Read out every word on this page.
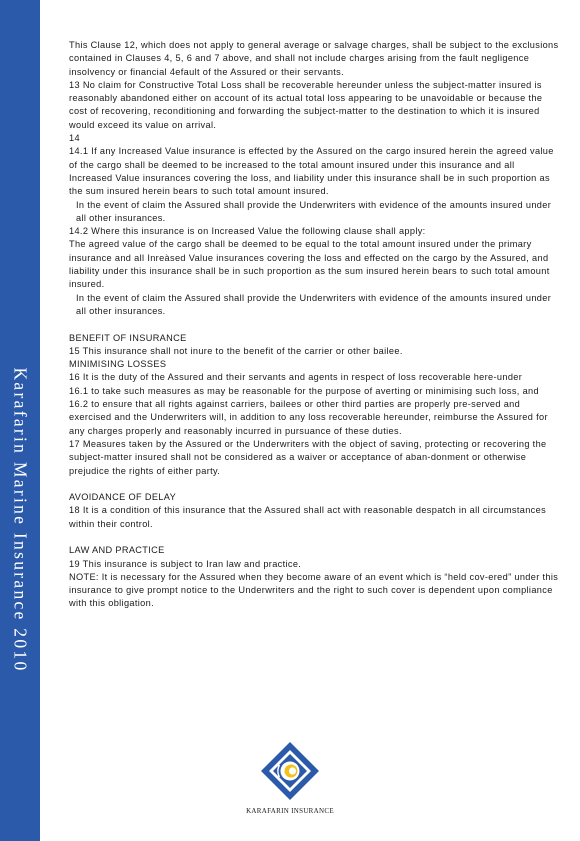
Karafarin Marine Insurance 2010

This Clause 12, which does not apply to general average or salvage charges, shall be subject to the exclusions contained in Clauses 4, 5, 6 and 7 above, and shall not include charges arising from the fault negligence insolvency or financial 4efault of the Assured or their servants.

13 No claim for Constructive Total Loss shall be recoverable hereunder unless the subject-matter insured is reasonably abandoned either on account of its actual total loss appearing to be unavoidable or because the cost of recovering, reconditioning and forwarding the subject-matter to the destination to which it is insured would exceed its value on arrival.

14

14.1 If any Increased Value insurance is effected by the Assured on the cargo insured herein the agreed value of the cargo shall be deemed to be increased to the total amount insured under this insurance and all Increased Value insurances covering the loss, and liability under this insurance shall be in such proportion as the sum insured herein bears to such total amount insured.

In the event of claim the Assured shall provide the Underwriters with evidence of the amounts insured under all other insurances.

14.2 Where this insurance is on Increased Value the following clause shall apply:

The agreed value of the cargo shall be deemed to be equal to the total amount insured under the primary insurance and all Inreàsed Value insurances covering the loss and effected on the cargo by the Assured, and liability under this insurance shall be in such proportion as the sum insured herein bears to such total amount insured.

In the event of claim the Assured shall provide the Underwriters with evidence of the amounts insured under all other insurances.

BENEFIT OF INSURANCE

15 This insurance shall not inure to the benefit of the carrier or other bailee.

MINIMISING LOSSES

16 It is the duty of the Assured and their servants and agents in respect of loss recoverable here-under

16.1 to take such measures as may be reasonable for the purpose of averting or minimising such loss, and

16.2 to ensure that all rights against carriers, bailees or other third parties are properly pre-served and exercised and the Underwriters will, in addition to any loss recoverable hereunder, reimburse the Assured for any charges properly and reasonably incurred in pursuance of these duties.

17 Measures taken by the Assured or the Underwriters with the object of saving, protecting or recovering the subject-matter insured shall not be considered as a waiver or acceptance of aban-donment or otherwise prejudice the rights of either party.

AVOIDANCE OF DELAY

18 It is a condition of this insurance that the Assured shall act with reasonable despatch in all circumstances within their control.

LAW AND PRACTICE

19 This insurance is subject to Iran law and practice.

NOTE: It is necessary for the Assured when they become aware of an event which is “held cov-ered” under this insurance to give prompt notice to the Underwriters and the right to such cover is dependent upon compliance with this obligation.

KARAFARIN INSURANCE
